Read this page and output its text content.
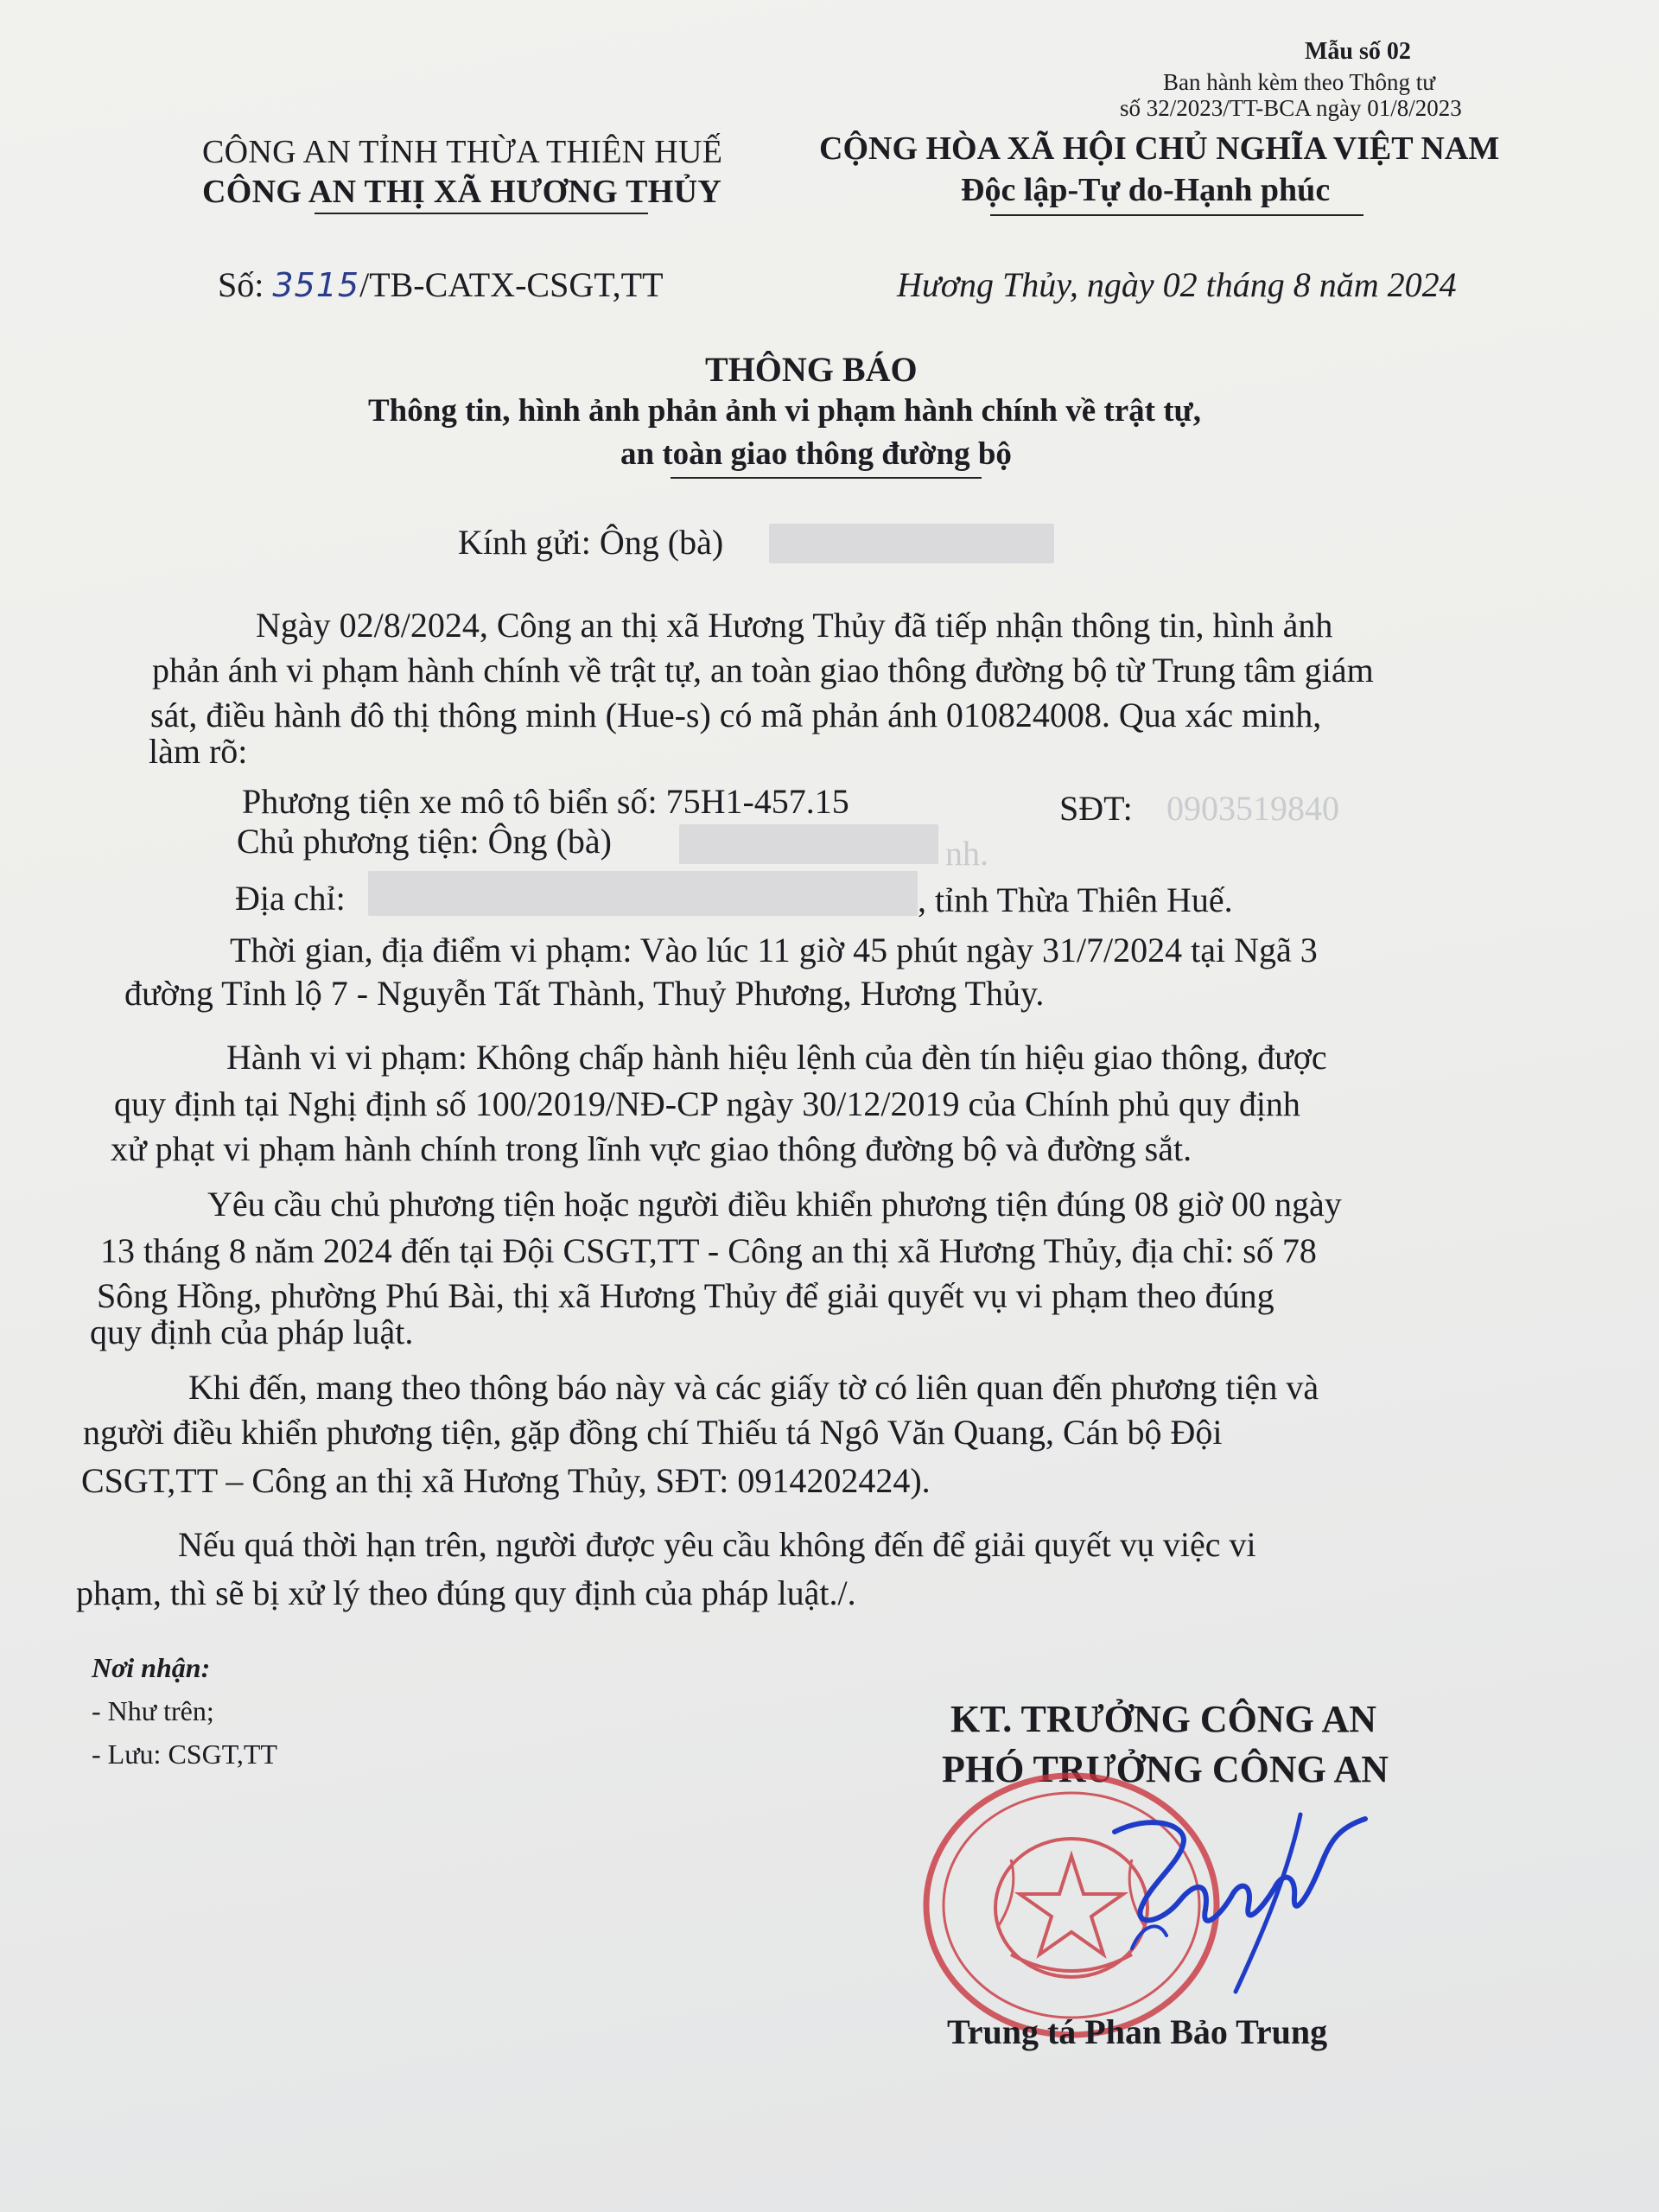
Mẫu số 02
Ban hành kèm theo Thông tư
số 32/2023/TT-BCA ngày 01/8/2023
CÔNG AN TỈNH THỪA THIÊN HUẾ
CÔNG AN THỊ XÃ HƯƠNG THỦY
CỘNG HÒA XÃ HỘI CHỦ NGHĨA VIỆT NAM
Độc lập-Tự do-Hạnh phúc
Số: 3515/TB-CATX-CSGT,TT	Hương Thủy, ngày 02 tháng 8 năm 2024
THÔNG BÁO
Thông tin, hình ảnh phản ảnh vi phạm hành chính về trật tự,
an toàn giao thông đường bộ
Kính gửi: Ông (bà)
Ngày 02/8/2024, Công an thị xã Hương Thủy đã tiếp nhận thông tin, hình ảnh
phản ánh vi phạm hành chính về trật tự, an toàn giao thông đường bộ từ Trung tâm giám
sát, điều hành đô thị thông minh (Hue-s) có mã phản ánh 010824008. Qua xác minh,
làm rõ:
Phương tiện xe mô tô biển số: 75H1-457.15	SĐT: 0903519840
Chủ phương tiện: Ông (bà)	nh.
Địa chỉ:	, tỉnh Thừa Thiên Huế.
Thời gian, địa điểm vi phạm: Vào lúc 11 giờ 45 phút ngày 31/7/2024 tại Ngã 3
đường Tỉnh lộ 7 - Nguyễn Tất Thành, Thuỷ Phương, Hương Thủy.
Hành vi vi phạm: Không chấp hành hiệu lệnh của đèn tín hiệu giao thông, được
quy định tại Nghị định số 100/2019/NĐ-CP ngày 30/12/2019 của Chính phủ quy định
xử phạt vi phạm hành chính trong lĩnh vực giao thông đường bộ và đường sắt.
Yêu cầu chủ phương tiện hoặc người điều khiển phương tiện đúng 08 giờ 00 ngày
13 tháng 8 năm 2024 đến tại Đội CSGT,TT - Công an thị xã Hương Thủy, địa chỉ: số 78
Sông Hồng, phường Phú Bài, thị xã Hương Thủy để giải quyết vụ vi phạm theo đúng
quy định của pháp luật.
Khi đến, mang theo thông báo này và các giấy tờ có liên quan đến phương tiện và
người điều khiển phương tiện, gặp đồng chí Thiếu tá Ngô Văn Quang, Cán bộ Đội
CSGT,TT – Công an thị xã Hương Thủy, SĐT: 0914202424).
Nếu quá thời hạn trên, người được yêu cầu không đến để giải quyết vụ việc vi
phạm, thì sẽ bị xử lý theo đúng quy định của pháp luật./.
Nơi nhận:
- Như trên;
- Lưu: CSGT,TT
KT. TRƯỞNG CÔNG AN
PHÓ TRƯỞNG CÔNG AN
Trung tá Phan Bảo Trung
